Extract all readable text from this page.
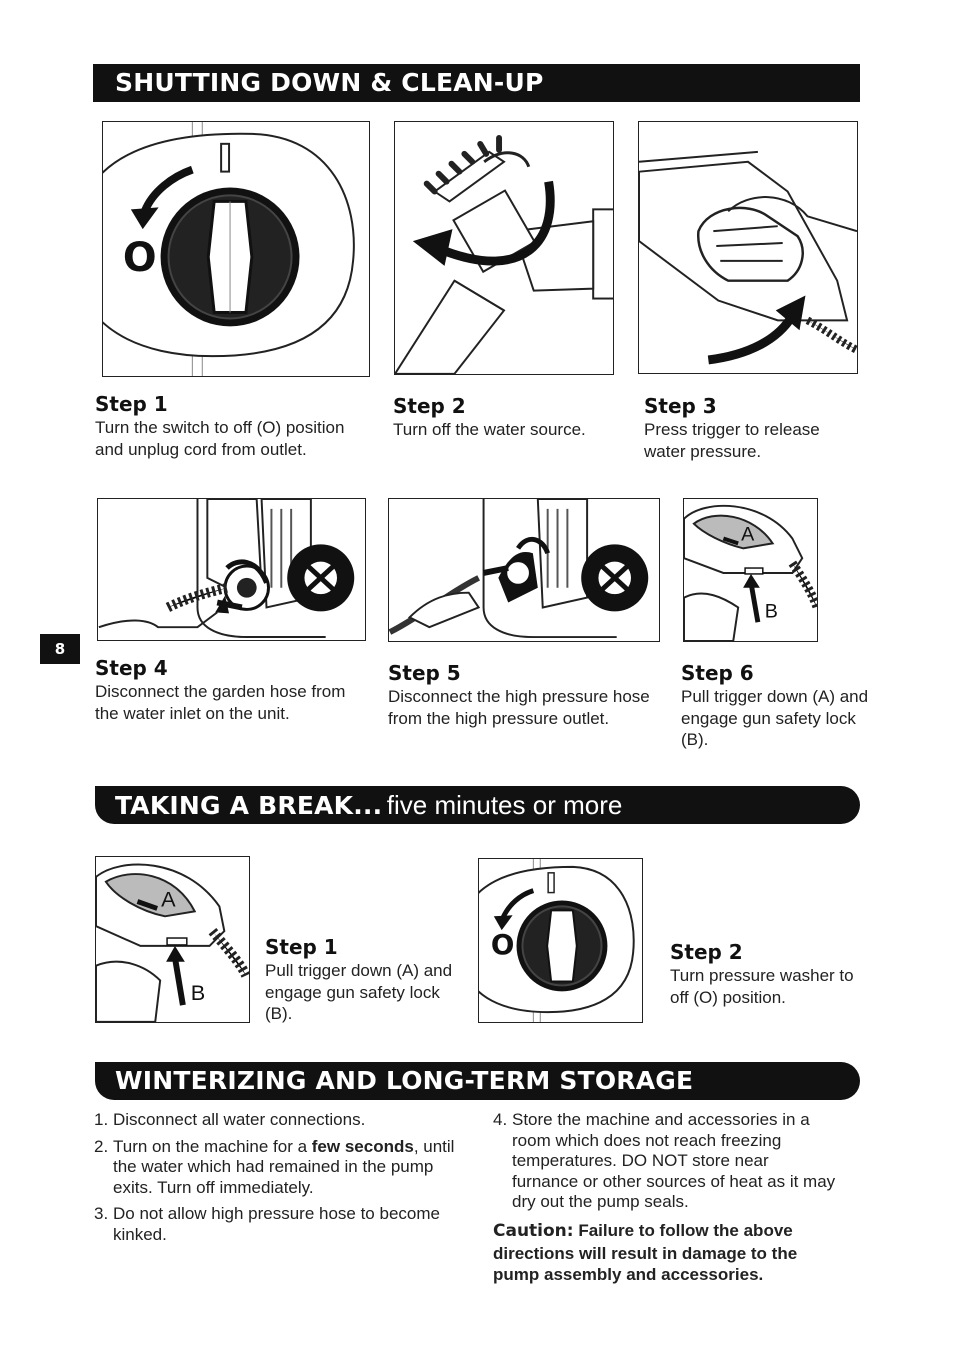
SHUTTING DOWN & CLEAN-UP
O
Step 1

Turn the switch to off (O) position and unplug cord from outlet.

Step 2

Turn off the water source.

Step 3

Press trigger to release water pressure.

Step 4

Disconnect the garden hose from the water inlet on the unit.

Step 5

Disconnect the high pressure hose from the high pressure outlet.

A
B
Step 6

Pull trigger down (A) and engage gun safety lock (B).

8
TAKING A BREAK... five minutes or more
A
B
Step 1

Pull trigger down (A) and engage gun safety lock (B).

O	Step 2

Turn pressure washer to off (O) position.

WINTERIZING AND LONG-TERM STORAGE
1. Disconnect all water connections.
2. Turn on the machine for a few seconds, until the water which had remained in the pump exits. Turn off immediately.
3. Do not allow high pressure hose to become kinked.
4. Store the machine and accessories in a room which does not reach freezing temperatures. DO NOT store near furnance or other sources of heat as it may dry out the pump seals.
Caution: Failure to follow the above directions will result in damage to the pump assembly and accessories.
